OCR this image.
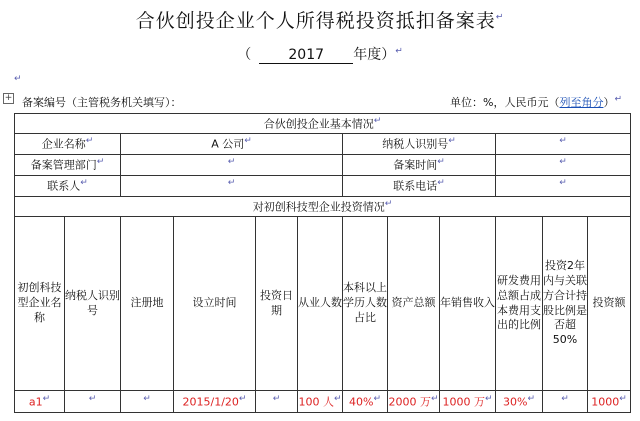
合伙创投企业个人所得税投资抵扣备案表↵
（	2017 年度）↵
↵
+ 备案编号（主管税务机关填写）：	单位：%，人民币元（列至角分）↵
合伙创投企业基本情况↵
企业名称↵		A 公司↵				纳税人识别号↵			↵
备案管理部门↵		↵				备案时间↵			↵
联系人↵		↵				联系电话↵			↵
对初创科技型企业投资情况↵
初创科技型企业名称	纳税人识别号	注册地	设立时间	投资日期	从业人数	本科以上学历人数占比	资产总额	年销售收入	研发费用总额占成本费用支出的比例	投资2年内与关联方合计持股比例是否超50%	投资额
a1↵	↵	↵	2015/1/20↵	↵	100 人↵	40%↵	2000 万↵	1000 万↵	30%↵	↵	1000↵
